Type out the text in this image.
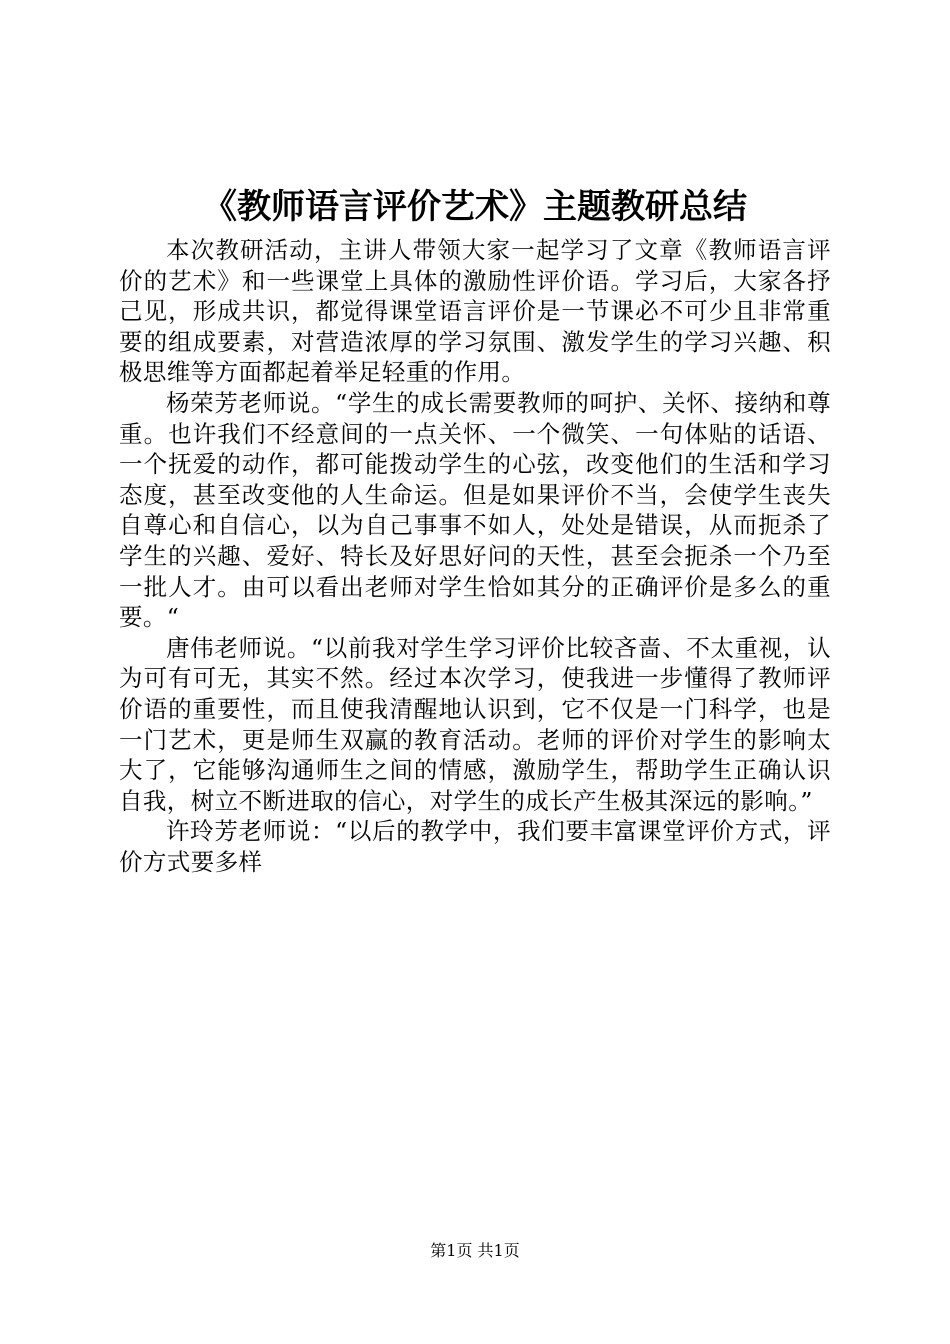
《教师语言评价艺术》主题教研总结

本次教研活动，主讲人带领大家一起学习了文章《教师语言评价的艺术》和一些课堂上具体的激励性评价语。学习后，大家各抒己见，形成共识，都觉得课堂语言评价是一节课必不可少且非常重要的组成要素，对营造浓厚的学习氛围、激发学生的学习兴趣、积极思维等方面都起着举足轻重的作用。

杨荣芳老师说。“学生的成长需要教师的呵护、关怀、接纳和尊重。也许我们不经意间的一点关怀、一个微笑、一句体贴的话语、一个抚爱的动作，都可能拨动学生的心弦，改变他们的生活和学习态度，甚至改变他的人生命运。但是如果评价不当，会使学生丧失自尊心和自信心，以为自己事事不如人，处处是错误，从而扼杀了学生的兴趣、爱好、特长及好思好问的天性，甚至会扼杀一个乃至一批人才。由可以看出老师对学生恰如其分的正确评价是多么的重要。“

唐伟老师说。“以前我对学生学习评价比较吝啬、不太重视，认为可有可无，其实不然。经过本次学习，使我进一步懂得了教师评价语的重要性，而且使我清醒地认识到，它不仅是一门科学，也是一门艺术，更是师生双赢的教育活动。老师的评价对学生的影响太大了，它能够沟通师生之间的情感，激励学生，帮助学生正确认识自我，树立不断进取的信心，对学生的成长产生极其深远的影响。”

许玲芳老师说：“以后的教学中，我们要丰富课堂评价方式，评价方式要多样

第1页 共1页
